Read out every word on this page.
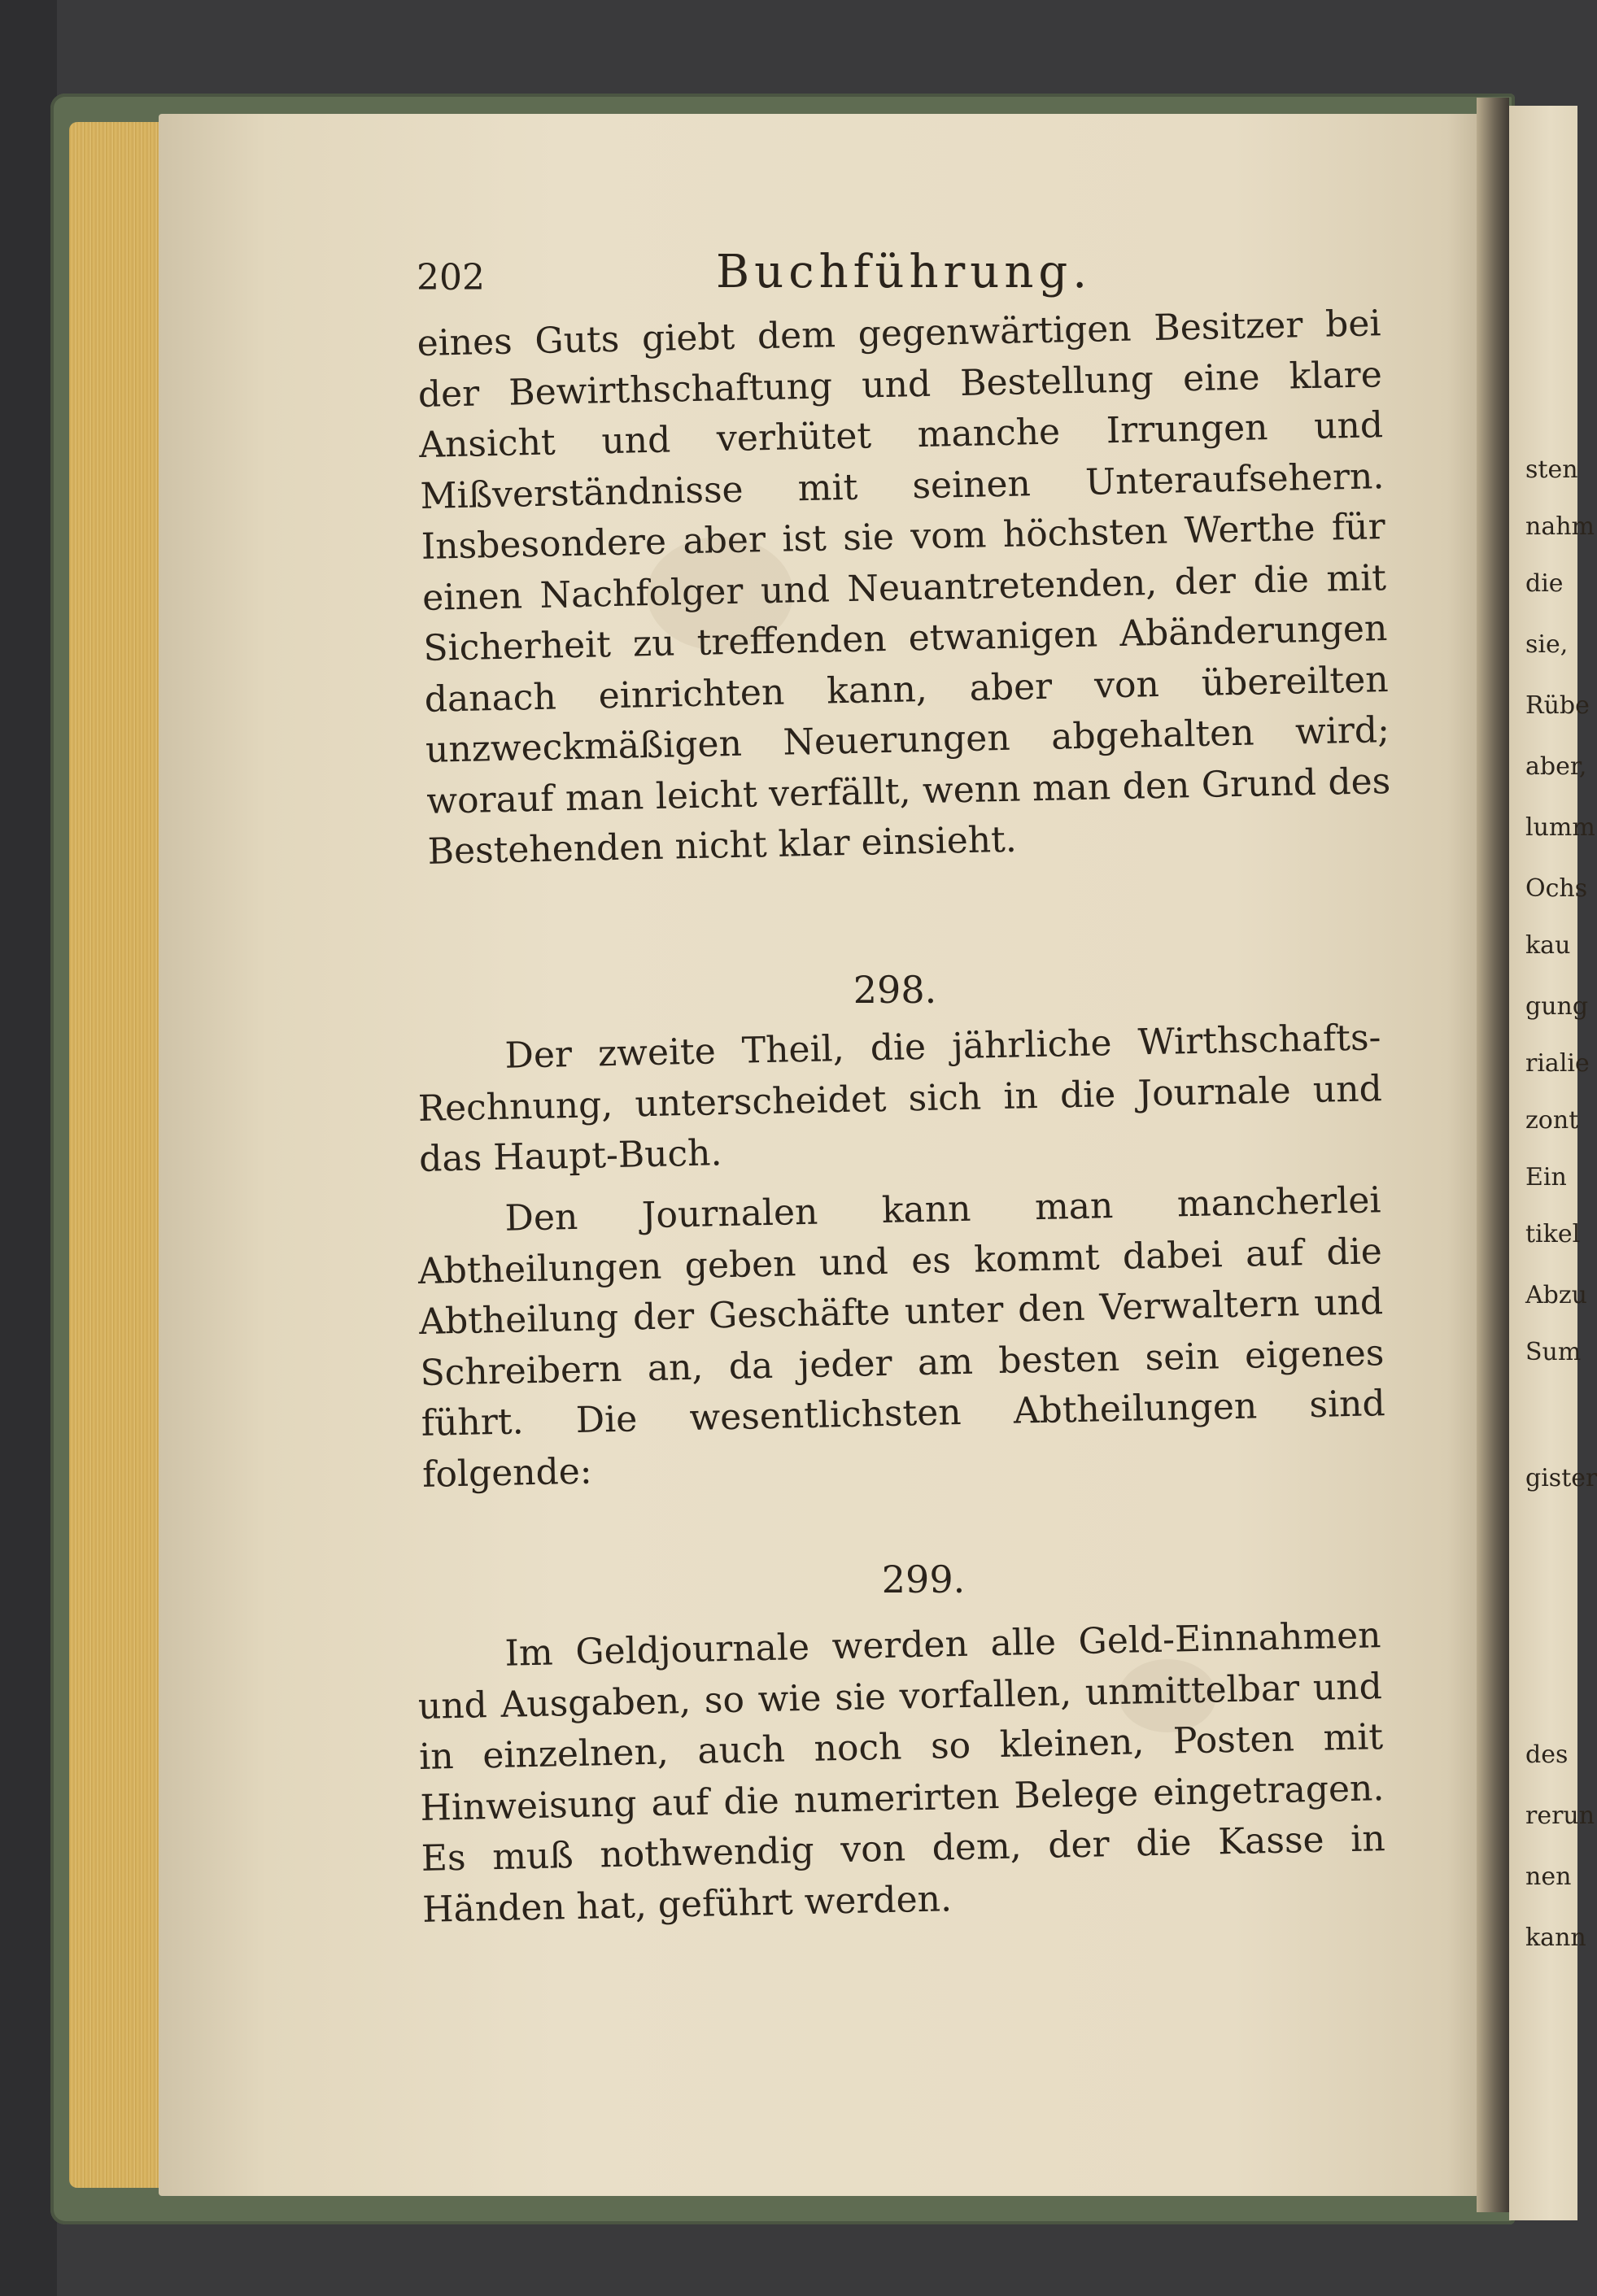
sten
nahm
die
sie,
Rübe
aber,
lumm
Ochs
kau
gung
rialie
zont
Ein
tikel
Abzu
Sum
gister
des
rerun
nen
kann
202	Buchführung.

eines Guts giebt dem gegenwärtigen Besitzer bei der Bewirthschaftung und Bestellung eine klare Ansicht und verhütet manche Irrungen und Mißverständnisse mit seinen Unteraufsehern. Insbesondere aber ist sie vom höchsten Werthe für einen Nachfolger und Neuantretenden, der die mit Sicherheit zu treffenden etwanigen Abänderungen danach einrichten kann, aber von übereilten unzweckmäßigen Neuerungen abgehalten wird; worauf man leicht verfällt, wenn man den Grund des Bestehenden nicht klar einsieht.

298.

Der zweite Theil, die jährliche Wirthschafts-Rechnung, unterscheidet sich in die Journale und das Haupt-Buch.

Den Journalen kann man mancherlei Abtheilungen geben und es kommt dabei auf die Abtheilung der Geschäfte unter den Verwaltern und Schreibern an, da jeder am besten sein eigenes führt. Die wesentlichsten Abtheilungen sind folgende:

299.

Im Geldjournale werden alle Geld-Einnahmen und Ausgaben, so wie sie vorfallen, unmittelbar und in einzelnen, auch noch so kleinen, Posten mit Hinweisung auf die numerirten Belege eingetragen. Es muß nothwendig von dem, der die Kasse in Händen hat, geführt werden.
